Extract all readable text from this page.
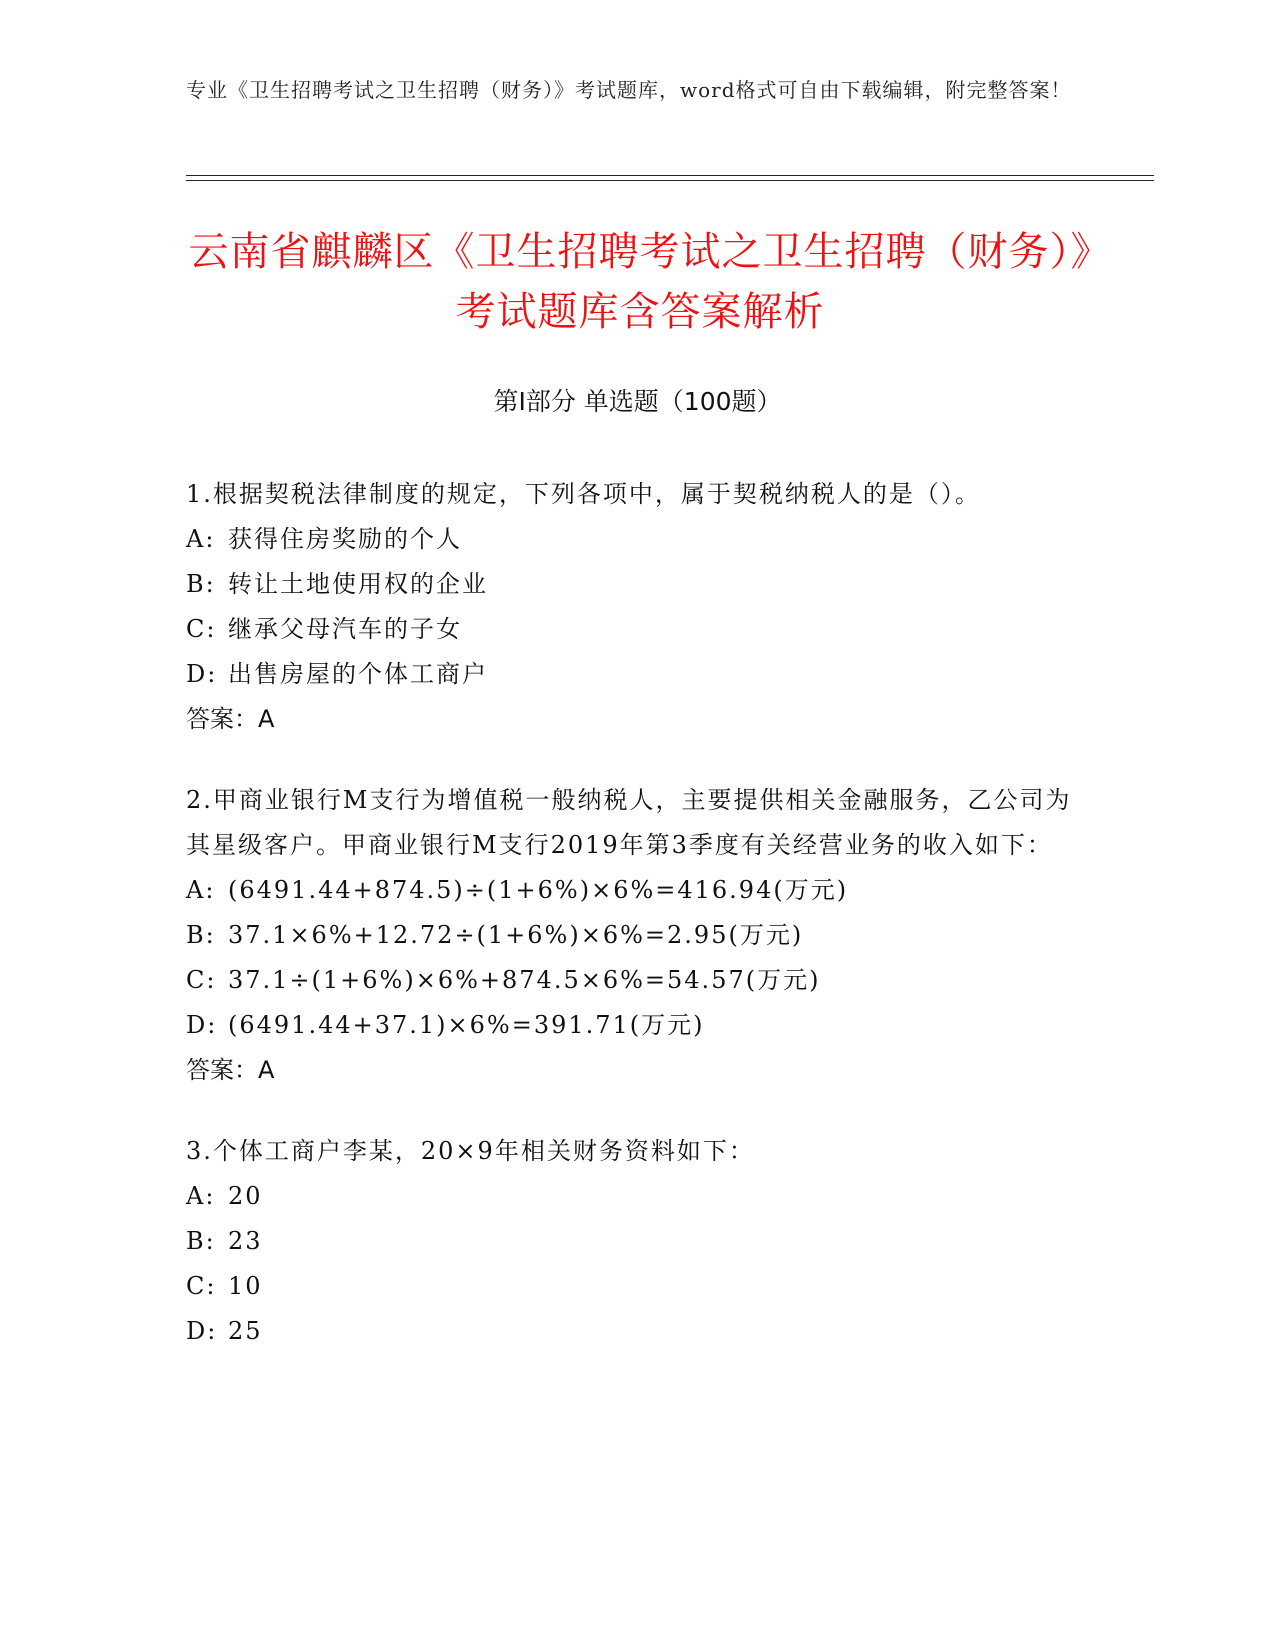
专业《卫生招聘考试之卫生招聘（财务）》考试题库，word格式可自由下载编辑，附完整答案！
云南省麒麟区《卫生招聘考试之卫生招聘（财务）》考试题库含答案解析
第Ⅰ部分 单选题（100题）

1.根据契税法律制度的规定，下列各项中，属于契税纳税人的是（）。

A: 获得住房奖励的个人

B: 转让土地使用权的企业

C: 继承父母汽车的子女

D: 出售房屋的个体工商户

答案：A

2.甲商业银行M支行为增值税一般纳税人，主要提供相关金融服务，乙公司为其星级客户。甲商业银行M支行2019年第3季度有关经营业务的收入如下：

A: (6491.44+874.5)÷(1+6%)×6%=416.94(万元)

B: 37.1×6%+12.72÷(1+6%)×6%=2.95(万元)

C: 37.1÷(1+6%)×6%+874.5×6%=54.57(万元)

D: (6491.44+37.1)×6%=391.71(万元)

答案：A

3.个体工商户李某，20×9年相关财务资料如下：

A: 20

B: 23

C: 10

D: 25
